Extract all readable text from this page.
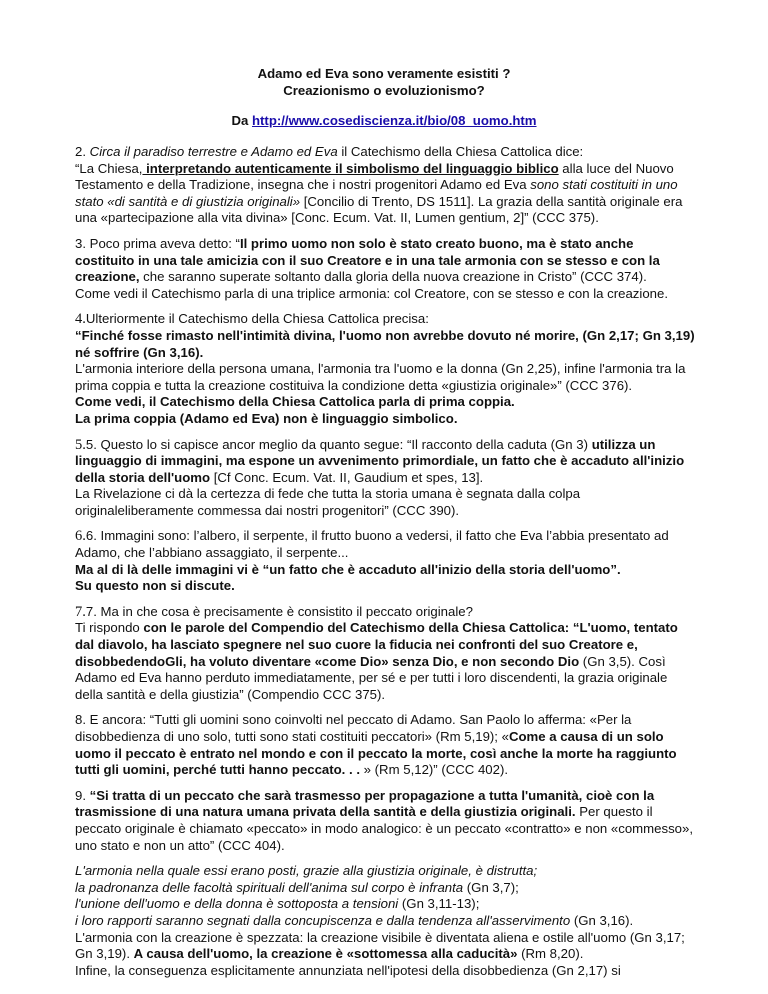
Adamo ed Eva sono veramente esistiti ?
Creazionismo o evoluzionismo?
Da http://www.cosediscienza.it/bio/08_uomo.htm

2. Circa il paradiso terrestre e Adamo ed Eva il Catechismo della Chiesa Cattolica dice:
“La Chiesa, interpretando autenticamente il simbolismo del linguaggio biblico alla luce del Nuovo Testamento e della Tradizione, insegna che i nostri progenitori Adamo ed Eva sono stati costituiti in uno stato «di santità e di giustizia originali» [Concilio di Trento, DS 1511]. La grazia della santità originale era una «partecipazione alla vita divina» [Conc. Ecum. Vat. II, Lumen gentium, 2]” (CCC 375).

3. Poco prima aveva detto: “Il primo uomo non solo è stato creato buono, ma è stato anche costituito in una tale amicizia con il suo Creatore e in una tale armonia con se stesso e con la creazione, che saranno superate soltanto dalla gloria della nuova creazione in Cristo” (CCC 374).
Come vedi il Catechismo parla di una triplice armonia: col Creatore, con se stesso e con la creazione.

4.Ulteriormente il Catechismo della Chiesa Cattolica precisa:
“Finché fosse rimasto nell'intimità divina, l'uomo non avrebbe dovuto né morire, (Gn 2,17; Gn 3,19) né soffrire (Gn 3,16).
L'armonia interiore della persona umana, l'armonia tra l'uomo e la donna (Gn 2,25), infine l'armonia tra la prima coppia e tutta la creazione costituiva la condizione detta «giustizia originale»” (CCC 376).
Come vedi, il Catechismo della Chiesa Cattolica parla di prima coppia.
La prima coppia (Adamo ed Eva) non è linguaggio simbolico.

5.5. Questo lo si capisce ancor meglio da quanto segue: “Il racconto della caduta (Gn 3) utilizza un linguaggio di immagini, ma espone un avvenimento primordiale, un fatto che è accaduto all'inizio della storia dell'uomo [Cf Conc. Ecum. Vat. II, Gaudium et spes, 13].
La Rivelazione ci dà la certezza di fede che tutta la storia umana è segnata dalla colpa originaleliberamente commessa dai nostri progenitori” (CCC 390).

6.6. Immagini sono: l’albero, il serpente, il frutto buono a vedersi, il fatto che Eva l’abbia presentato ad Adamo, che l’abbiano assaggiato, il serpente...
Ma al di là delle immagini vi è “un fatto che è accaduto all'inizio della storia dell'uomo”.
Su questo non si discute.

7.7. Ma in che cosa è precisamente è consistito il peccato originale?
Ti rispondo con le parole del Compendio del Catechismo della Chiesa Cattolica: “L'uomo, tentato dal diavolo, ha lasciato spegnere nel suo cuore la fiducia nei confronti del suo Creatore e, disobbedendoGli, ha voluto diventare «come Dio» senza Dio, e non secondo Dio (Gn 3,5). Così Adamo ed Eva hanno perduto immediatamente, per sé e per tutti i loro discendenti, la grazia originale della santità e della giustizia” (Compendio CCC 375).

8. E ancora: “Tutti gli uomini sono coinvolti nel peccato di Adamo. San Paolo lo afferma: «Per la disobbedienza di uno solo, tutti sono stati costituiti peccatori» (Rm 5,19); «Come a causa di un solo uomo il peccato è entrato nel mondo e con il peccato la morte, così anche la morte ha raggiunto tutti gli uomini, perché tutti hanno peccato. . . » (Rm 5,12)” (CCC 402).

9. “Si tratta di un peccato che sarà trasmesso per propagazione a tutta l'umanità, cioè con la trasmissione di una natura umana privata della santità e della giustizia originali. Per questo il peccato originale è chiamato «peccato» in modo analogico: è un peccato «contratto» e non «commesso», uno stato e non un atto” (CCC 404).

L'armonia nella quale essi erano posti, grazie alla giustizia originale, è distrutta;
la padronanza delle facoltà spirituali dell'anima sul corpo è infranta (Gn 3,7);
l'unione dell'uomo e della donna è sottoposta a tensioni (Gn 3,11-13);
i loro rapporti saranno segnati dalla concupiscenza e dalla tendenza all'asservimento (Gn 3,16).
L'armonia con la creazione è spezzata: la creazione visibile è diventata aliena e ostile all'uomo (Gn 3,17; Gn 3,19). A causa dell'uomo, la creazione è «sottomessa alla caducità» (Rm 8,20).
Infine, la conseguenza esplicitamente annunziata nell'ipotesi della disobbedienza (Gn 2,17) si
